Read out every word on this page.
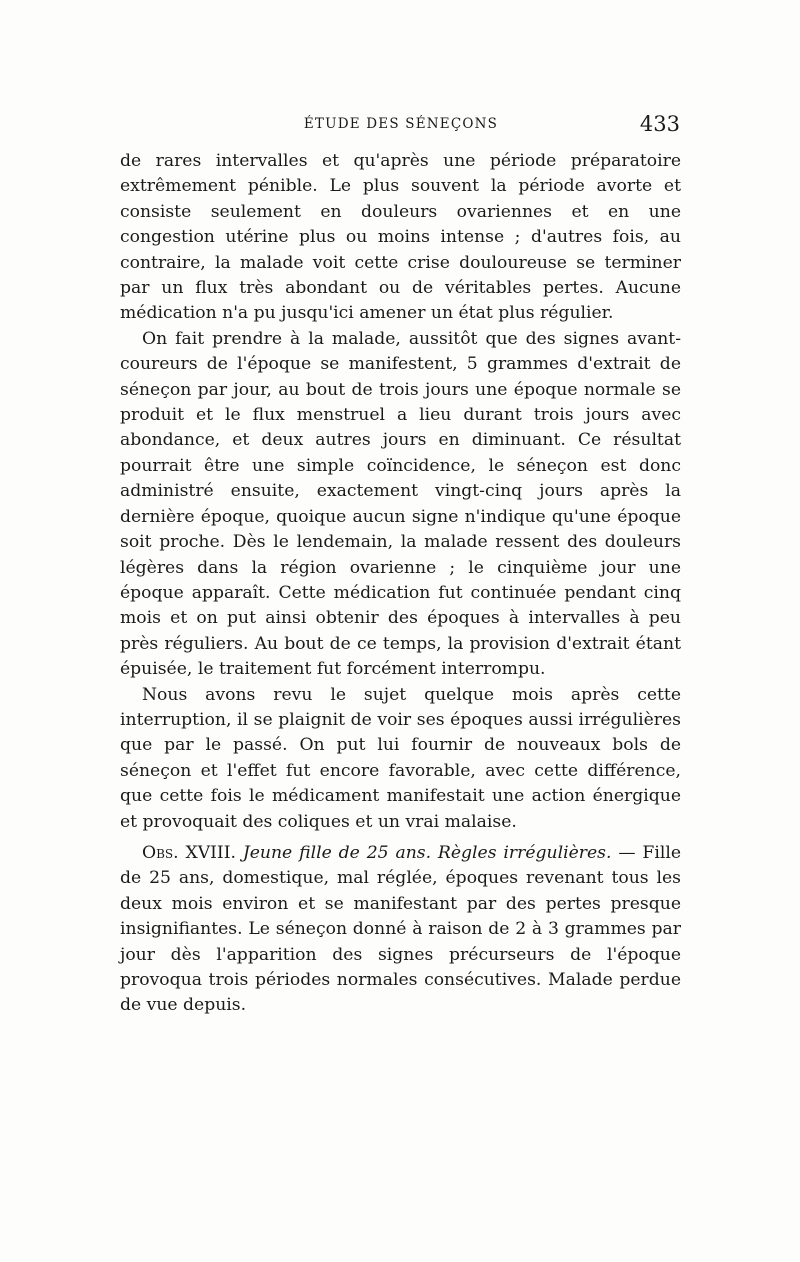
ÉTUDE DES SÉNEÇONS	433

de rares intervalles et qu'après une période préparatoire extrêmement pénible. Le plus souvent la période avorte et consiste seulement en douleurs ovariennes et en une congestion utérine plus ou moins intense ; d'autres fois, au contraire, la malade voit cette crise douloureuse se terminer par un flux très abondant ou de véritables pertes. Aucune médication n'a pu jusqu'ici amener un état plus régulier.

On fait prendre à la malade, aussitôt que des signes avant-coureurs de l'époque se manifestent, 5 grammes d'extrait de séneçon par jour, au bout de trois jours une époque normale se produit et le flux menstruel a lieu durant trois jours avec abondance, et deux autres jours en diminuant. Ce résultat pourrait être une simple coïncidence, le séneçon est donc administré ensuite, exactement vingt-cinq jours après la dernière époque, quoique aucun signe n'indique qu'une époque soit proche. Dès le lendemain, la malade ressent des douleurs légères dans la région ovarienne ; le cinquième jour une époque apparaît. Cette médication fut continuée pendant cinq mois et on put ainsi obtenir des époques à intervalles à peu près réguliers. Au bout de ce temps, la provision d'extrait étant épuisée, le traitement fut forcément interrompu.

Nous avons revu le sujet quelque mois après cette interruption, il se plaignit de voir ses époques aussi irrégulières que par le passé. On put lui fournir de nouveaux bols de séneçon et l'effet fut encore favorable, avec cette différence, que cette fois le médicament manifestait une action énergique et provoquait des coliques et un vrai malaise.

Obs. XVIII. Jeune fille de 25 ans. Règles irrégulières. — Fille de 25 ans, domestique, mal réglée, époques revenant tous les deux mois environ et se manifestant par des pertes presque insignifiantes. Le séneçon donné à raison de 2 à 3 grammes par jour dès l'apparition des signes précurseurs de l'époque provoqua trois périodes normales consécutives. Malade perdue de vue depuis.
